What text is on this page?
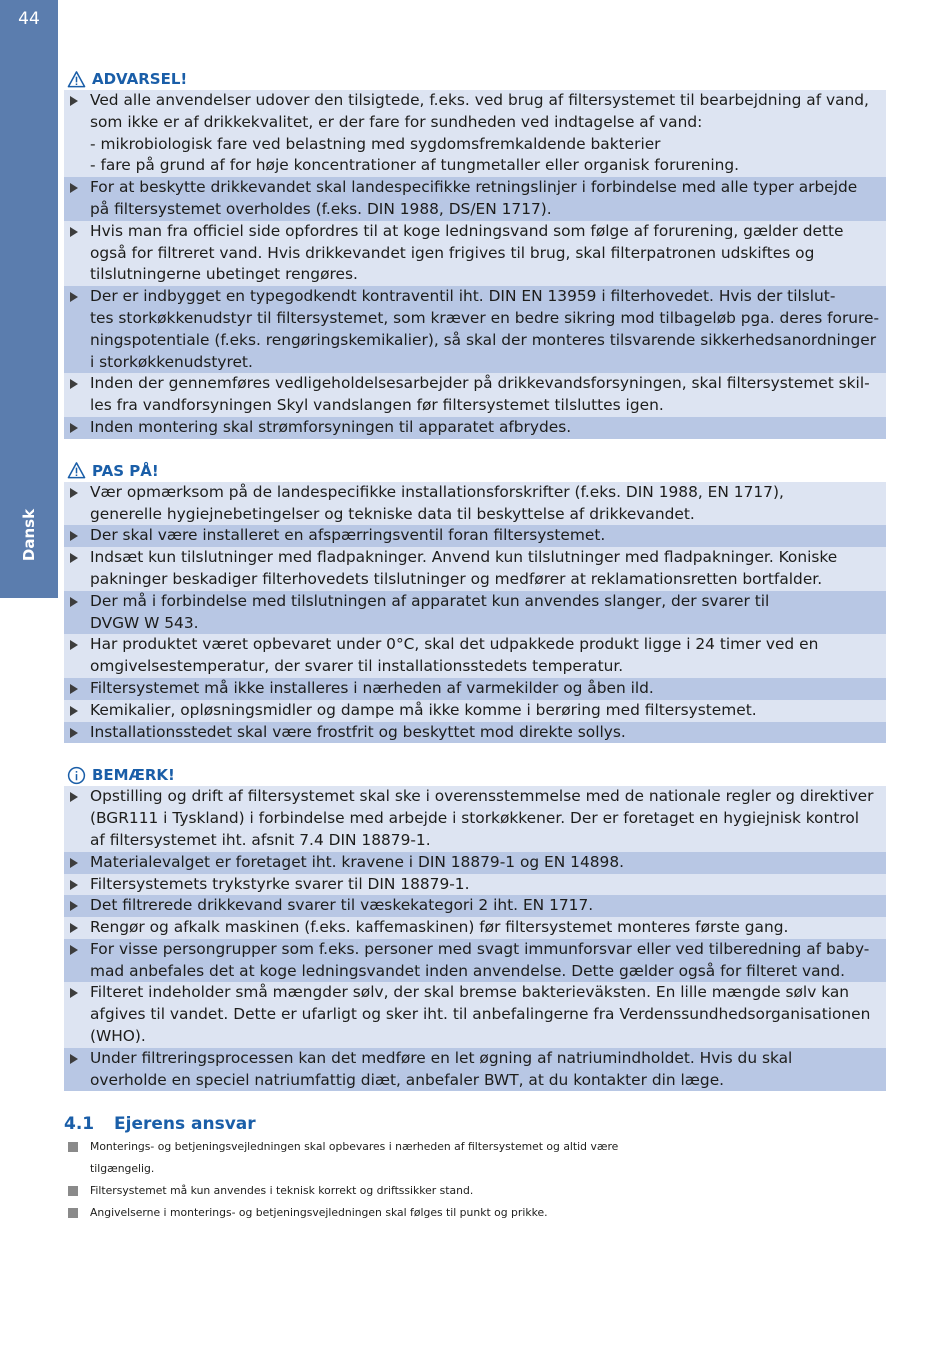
44
Dansk
ADVARSEL!
Ved alle anvendelser udover den tilsigtede, f.eks. ved brug af filtersystemet til bearbejdning af vand,
som ikke er af drikkekvalitet, er der fare for sundheden ved indtagelse af vand:
- mikrobiologisk fare ved belastning med sygdomsfremkaldende bakterier
- fare på grund af for høje koncentrationer af tungmetaller eller organisk forurening.
For at beskytte drikkevandet skal landespecifikke retningslinjer i forbindelse med alle typer arbejde
på filtersystemet overholdes (f.eks. DIN 1988, DS/EN 1717).
Hvis man fra officiel side opfordres til at koge ledningsvand som følge af forurening, gælder dette
også for filtreret vand. Hvis drikkevandet igen frigives til brug, skal filterpatronen udskiftes og
tilslutningerne ubetinget rengøres.
Der er indbygget en typegodkendt kontraventil iht. DIN EN 13959 i filterhovedet. Hvis der tilslut-
tes storkøkkenudstyr til filtersystemet, som kræver en bedre sikring mod tilbageløb pga. deres forure-
ningspotentiale (f.eks. rengøringskemikalier), så skal der monteres tilsvarende sikkerhedsanordninger
i storkøkkenudstyret.
Inden der gennemføres vedligeholdelsesarbejder på drikkevandsforsyningen, skal filtersystemet skil-
les fra vandforsyningen Skyl vandslangen før filtersystemet tilsluttes igen.
Inden montering skal strømforsyningen til apparatet afbrydes.
PAS PÅ!
Vær opmærksom på de landespecifikke installationsforskrifter (f.eks. DIN 1988, EN 1717),
generelle hygiejnebetingelser og tekniske data til beskyttelse af drikkevandet.
Der skal være installeret en afspærringsventil foran filtersystemet.
Indsæt kun tilslutninger med fladpakninger. Anvend kun tilslutninger med fladpakninger. Koniske
pakninger beskadiger filterhovedets tilslutninger og medfører at reklamationsretten bortfalder.
Der må i forbindelse med tilslutningen af apparatet kun anvendes slanger, der svarer til
DVGW W 543.
Har produktet været opbevaret under 0°C, skal det udpakkede produkt ligge i 24 timer ved en
omgivelsestemperatur, der svarer til installationsstedets temperatur.
Filtersystemet må ikke installeres i nærheden af varmekilder og åben ild.
Kemikalier, opløsningsmidler og dampe må ikke komme i berøring med filtersystemet.
Installationsstedet skal være frostfrit og beskyttet mod direkte sollys.
BEMÆRK!
Opstilling og drift af filtersystemet skal ske i overensstemmelse med de nationale regler og direktiver
(BGR111 i Tyskland) i forbindelse med arbejde i storkøkkener. Der er foretaget en hygiejnisk kontrol
af filtersystemet iht. afsnit 7.4 DIN 18879-1.
Materialevalget er foretaget iht. kravene i DIN 18879-1 og EN 14898.
Filtersystemets trykstyrke svarer til DIN 18879-1.
Det filtrerede drikkevand svarer til væskekategori 2 iht. EN 1717.
Rengør og afkalk maskinen (f.eks. kaffemaskinen) før filtersystemet monteres første gang.
For visse persongrupper som f.eks. personer med svagt immunforsvar eller ved tilberedning af baby-
mad anbefales det at koge ledningsvandet inden anvendelse. Dette gælder også for filteret vand.
Filteret indeholder små mængder sølv, der skal bremse bakterieväksten. En lille mængde sølv kan
afgives til vandet. Dette er ufarligt og sker iht. til anbefalingerne fra Verdenssundhedsorganisationen
(WHO).
Under filtreringsprocessen kan det medføre en let øgning af natriumindholdet. Hvis du skal
overholde en speciel natriumfattig diæt, anbefaler BWT, at du kontakter din læge.
4.1 Ejerens ansvar
Monterings- og betjeningsvejledningen skal opbevares i nærheden af filtersystemet og altid være
tilgængelig.
Filtersystemet må kun anvendes i teknisk korrekt og driftssikker stand.
Angivelserne i monterings- og betjeningsvejledningen skal følges til punkt og prikke.
